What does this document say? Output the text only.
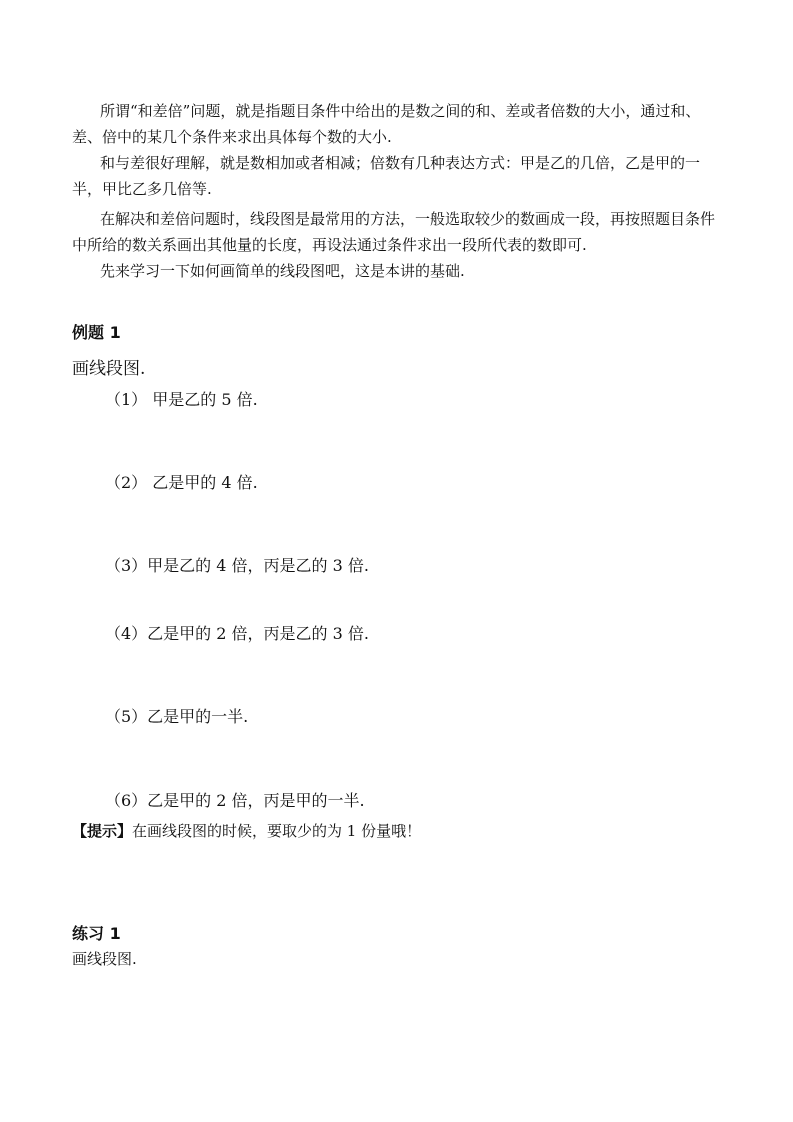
所谓“和差倍”问题，就是指题目条件中给出的是数之间的和、差或者倍数的大小，通过和、差、倍中的某几个条件来求出具体每个数的大小.

和与差很好理解，就是数相加或者相减；倍数有几种表达方式：甲是乙的几倍，乙是甲的一半，甲比乙多几倍等.

在解决和差倍问题时，线段图是最常用的方法，一般选取较少的数画成一段，再按照题目条件中所给的数关系画出其他量的长度，再设法通过条件求出一段所代表的数即可.

先来学习一下如何画简单的线段图吧，这是本讲的基础.

例题 1

画线段图.

（1） 甲是乙的 5 倍.

（2） 乙是甲的 4 倍.

（3）甲是乙的 4 倍，丙是乙的 3 倍.

（4）乙是甲的 2 倍，丙是乙的 3 倍.

（5）乙是甲的一半.

（6）乙是甲的 2 倍，丙是甲的一半.

【提示】在画线段图的时候，要取少的为 1 份量哦！

练习 1

画线段图.
